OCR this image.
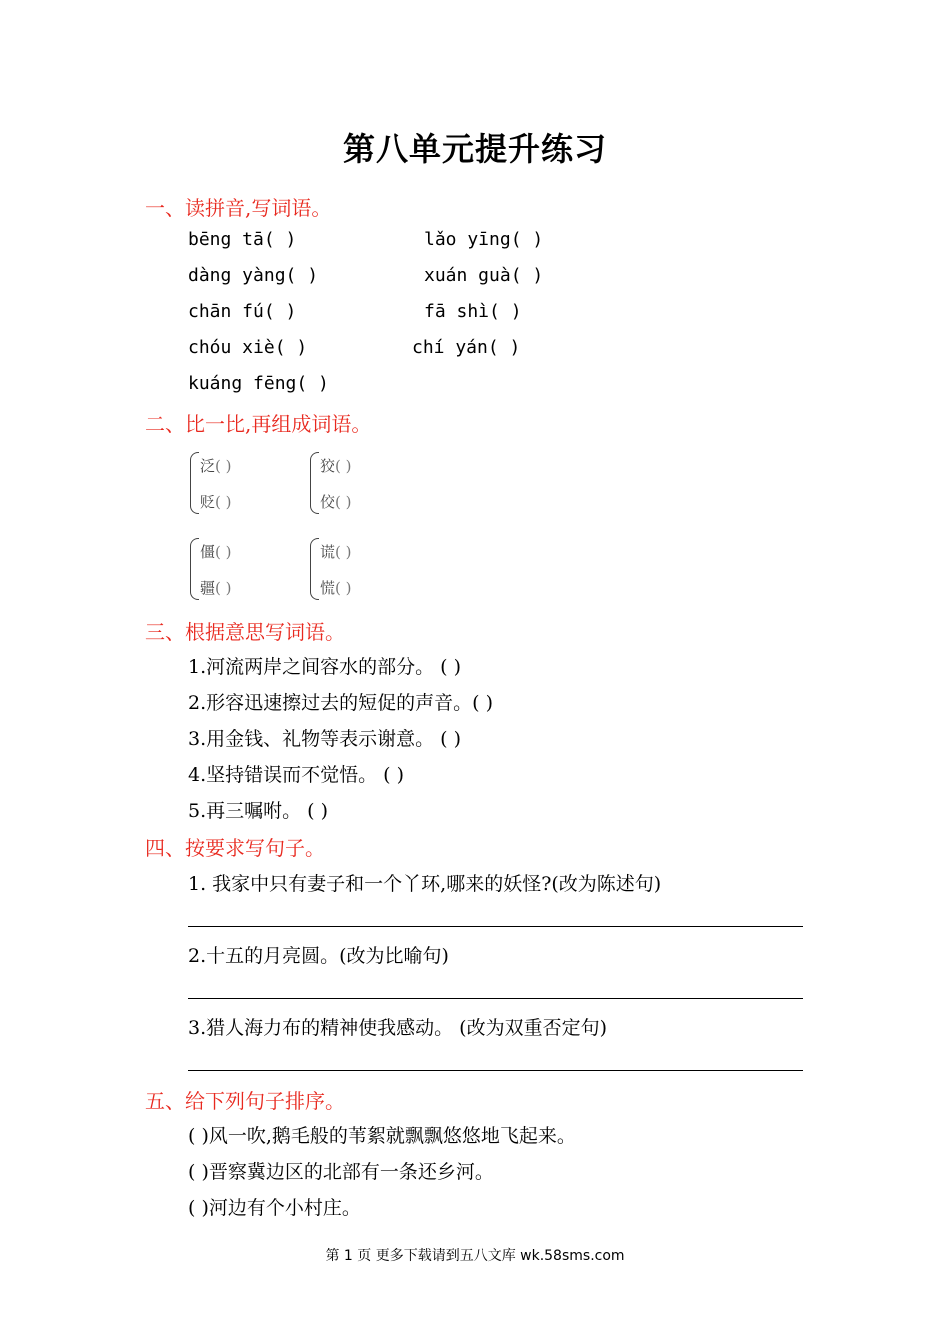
第八单元提升练习
一、读拼音,写词语。
bēng tā( )	lǎo yīng( )
dàng yàng( )	xuán guà( )
chān fú( )	fā shì( )
chóu xiè( )	chí yán( )
kuáng fēng( )
二、比一比,再组成词语。
泛( )
贬( )
狡( )
佼( )
僵( )
疆( )
谎( )
慌( )
三、根据意思写词语。
1.河流两岸之间容水的部分。 ( )
2.形容迅速擦过去的短促的声音。( )
3.用金钱、礼物等表示谢意。 ( )
4.坚持错误而不觉悟。 ( )
5.再三嘱咐。 ( )
四、按要求写句子。
1. 我家中只有妻子和一个丫环,哪来的妖怪?(改为陈述句)
2.十五的月亮圆。(改为比喻句)
3.猎人海力布的精神使我感动。 (改为双重否定句)
五、给下列句子排序。
( )风一吹,鹅毛般的苇絮就飘飘悠悠地飞起来。
( )晋察冀边区的北部有一条还乡河。
( )河边有个小村庄。
第 1 页 更多下载请到五八文库 wk.58sms.com
